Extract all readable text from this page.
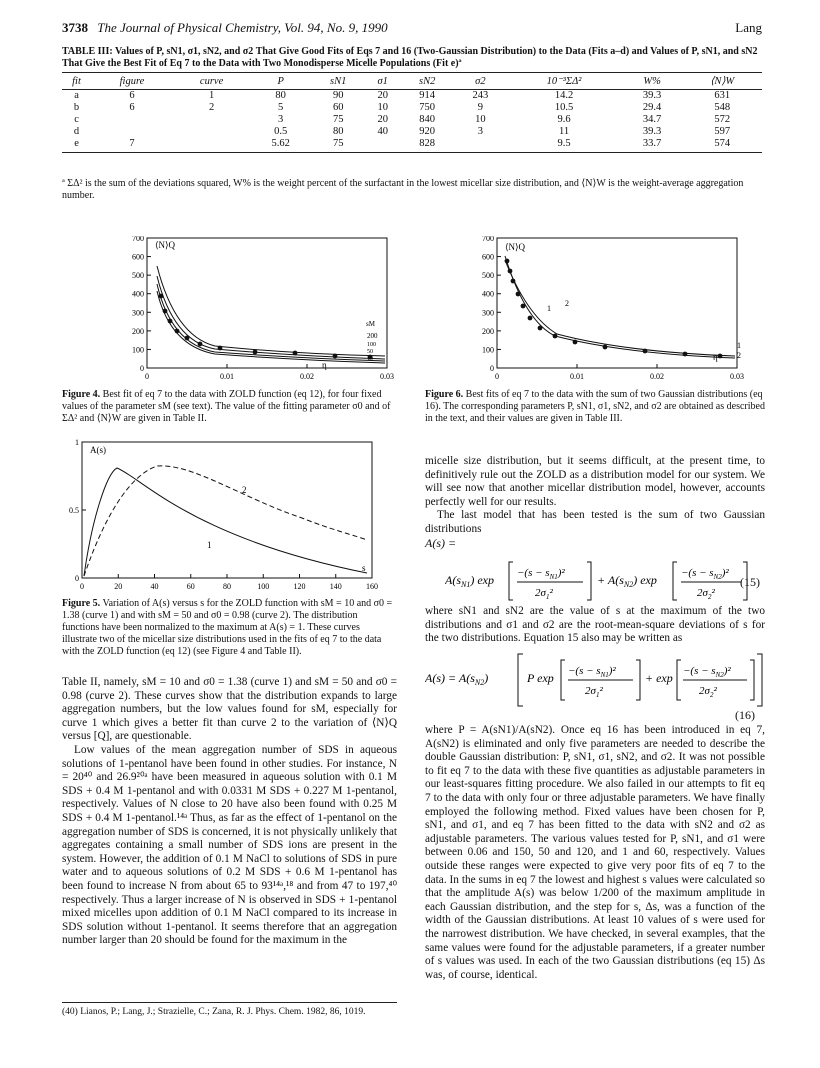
3738 The Journal of Physical Chemistry, Vol. 94, No. 9, 1990	Lang
TABLE III: Values of P, sN1, σ1, sN2, and σ2 That Give Good Fits of Eqs 7 and 16 (Two-Gaussian Distribution) to the Data (Fits a–d) and Values of P, sN1, and sN2 That Give the Best Fit of Eq 7 to the Data with Two Monodisperse Micelle Populations (Fit e)ª
fit	figure	curve	P	sN1	σ1	sN2	σ2	10⁻³ΣΔ²	W%	⟨N⟩W
a	6	1	80	90	20	914	243	14.2	39.3	631
b	6	2	5	60	10	750	9	10.5	29.4	548
c			3	75	20	840	10	9.6	34.7	572
d			0.5	80	40	920	3	11	39.3	597
e	7		5.62	75		828		9.5	33.7	574
ª ΣΔ² is the sum of the deviations squared, W% is the weight percent of the surfactant in the lowest micellar size distribution, and ⟨N⟩W is the weight-average aggregation number.
0	0.01	0.02	0.03
0
100
200
300
400
500
600
700
⟨N⟩Q
sM
200
100
50
10
η
Figure 4. Best fit of eq 7 to the data with ZOLD function (eq 12), for four fixed values of the parameter sM (see text). The value of the fitting parameter σ0 and of ΣΔ² and ⟨N⟩W are given in Table II.
0	0.01	0.02	0.03
0
100
200
300
400
500
600
700
⟨N⟩Q
1
2
1
2
η
Figure 6. Best fits of eq 7 to the data with the sum of two Gaussian distributions (eq 16). The corresponding parameters P, sN1, σ1, sN2, and σ2 are obtained as described in the text, and their values are given in Table III.
0	20	40	60	80	100	120	140	160
0
0.5
1
A(s)
1
2
s
Figure 5. Variation of A(s) versus s for the ZOLD function with sM = 10 and σ0 = 1.38 (curve 1) and with sM = 50 and σ0 = 0.98 (curve 2). The distribution functions have been normalized to the maximum at A(s) = 1. These curves illustrate two of the micellar size distributions used in the fits of eq 7 to the data with the ZOLD function (eq 12) (see Figure 4 and Table II).

Table II, namely, sM = 10 and σ0 = 1.38 (curve 1) and sM = 50 and σ0 = 0.98 (curve 2). These curves show that the distribution expands to large aggregation numbers, but the low values found for sM, especially for curve 1 which gives a better fit than curve 2 to the variation of ⟨N⟩Q versus [Q], are questionable.

Low values of the mean aggregation number of SDS in aqueous solutions of 1-pentanol have been found in other studies. For instance, N = 20⁴⁰ and 26.9²⁰ᵃ have been measured in aqueous solution with 0.1 M SDS + 0.4 M 1-pentanol and with 0.0331 M SDS + 0.227 M 1-pentanol, respectively. Values of N close to 20 have also been found with 0.25 M SDS + 0.4 M 1-pentanol.¹⁴ᵃ Thus, as far as the effect of 1-pentanol on the aggregation number of SDS is concerned, it is not physically unlikely that aggregates containing a small number of SDS ions are present in the system. However, the addition of 0.1 M NaCl to solutions of SDS in pure water and to aqueous solutions of 0.2 M SDS + 0.6 M 1-pentanol has been found to increase N from about 65 to 93¹⁴ᵃ,¹⁸ and from 47 to 197,⁴⁰ respectively. Thus a larger increase of N is observed in SDS + 1-pentanol mixed micelles upon addition of 0.1 M NaCl compared to its increase in SDS solution without 1-pentanol. It seems therefore that an aggregation number larger than 20 should be found for the maximum in the

(40) Lianos, P.; Lang, J.; Strazielle, C.; Zana, R. J. Phys. Chem. 1982, 86, 1019.

micelle size distribution, but it seems difficult, at the present time, to definitively rule out the ZOLD as a distribution model for our system. We will see now that another micellar distribution model, however, accounts perfectly well for our results.

The last model that has been tested is the sum of two Gaussian distributions

A(s) =
$A(s_{N1})$ $\exp -(s - s_{N1})^2$
$2\sigma_1^2$
+ $A(s_{N2})$ $\exp -(s - s_{N2})^2$
$2\sigma_2^2$
(15)

where sN1 and sN2 are the value of s at the maximum of the two distributions and σ1 and σ2 are the root-mean-square deviations of s for the two distributions. Equation 15 also may be written as

$A(s) = A(s_{N2})$	P $\exp -(s - s_{N1})^2$
$2\sigma_1^2$
+ $\exp -(s - s_{N2})^2$
$2\sigma_2^2$
(16)

where P = A(sN1)/A(sN2). Once eq 16 has been introduced in eq 7, A(sN2) is eliminated and only five parameters are needed to describe the double Gaussian distribution: P, sN1, σ1, sN2, and σ2. It was not possible to fit eq 7 to the data with these five quantities as adjustable parameters in our least-squares fitting procedure. We also failed in our attempts to fit eq 7 to the data with only four or three adjustable parameters. We have finally employed the following method. Fixed values have been chosen for P, sN1, and σ1, and eq 7 has been fitted to the data with sN2 and σ2 as adjustable parameters. The various values tested for P, sN1, and σ1 were between 0.06 and 150, 50 and 120, and 1 and 60, respectively. Values outside these ranges were expected to give very poor fits of eq 7 to the data. In the sums in eq 7 the lowest and highest s values were calculated so that the amplitude A(s) was below 1/200 of the maximum amplitude in each Gaussian distribution, and the step for s, Δs, was a function of the width of the Gaussian distributions. At least 10 values of s were used for the narrowest distribution. We have checked, in several examples, that the same values were found for the adjustable parameters, if a greater number of s values was used. In each of the two Gaussian distributions (eq 15) Δs was, of course, identical.
